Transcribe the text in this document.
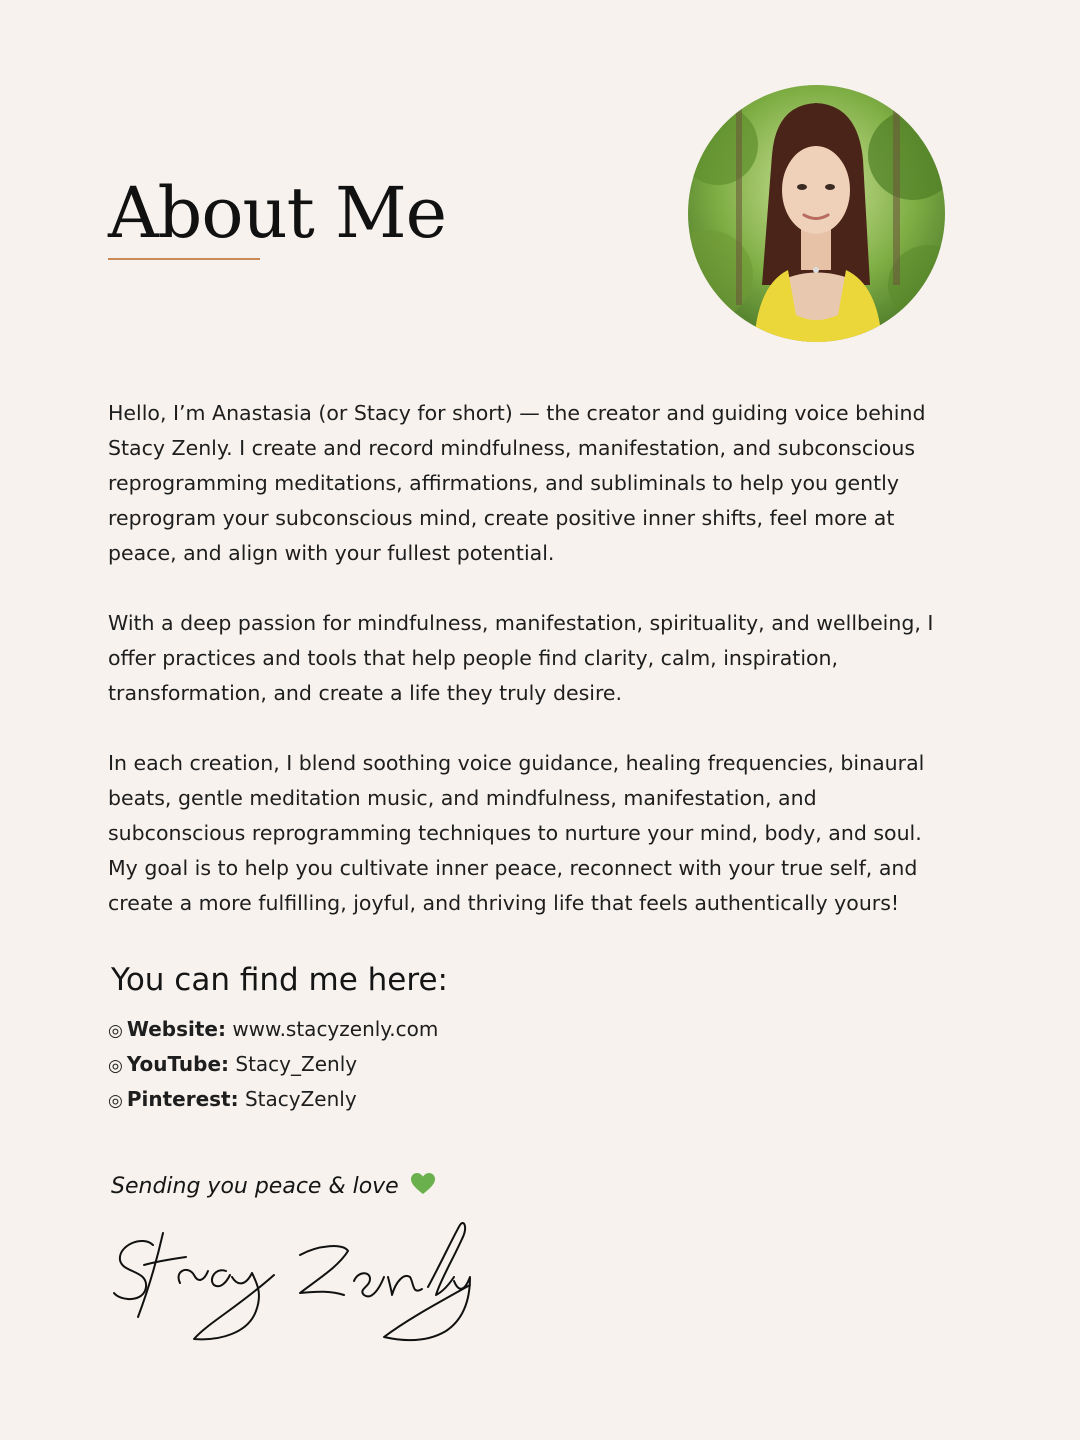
About Me

Hello, I’m Anastasia (or Stacy for short) — the creator and guiding voice behind Stacy Zenly. I create and record mindfulness, manifestation, and subconscious reprogramming meditations, affirmations, and subliminals to help you gently reprogram your subconscious mind, create positive inner shifts, feel more at peace, and align with your fullest potential.

With a deep passion for mindfulness, manifestation, spirituality, and wellbeing, I offer practices and tools that help people find clarity, calm, inspiration, transformation, and create a life they truly desire.

In each creation, I blend soothing voice guidance, healing frequencies, binaural beats, gentle meditation music, and mindfulness, manifestation, and subconscious reprogramming techniques to nurture your mind, body, and soul. My goal is to help you cultivate inner peace, reconnect with your true self, and create a more fulfilling, joyful, and thriving life that feels authentically yours!

You can find me here:
◎ Website: www.stacyzenly.com
◎ YouTube: Stacy_Zenly
◎ Pinterest: StacyZenly
Sending you peace & love
